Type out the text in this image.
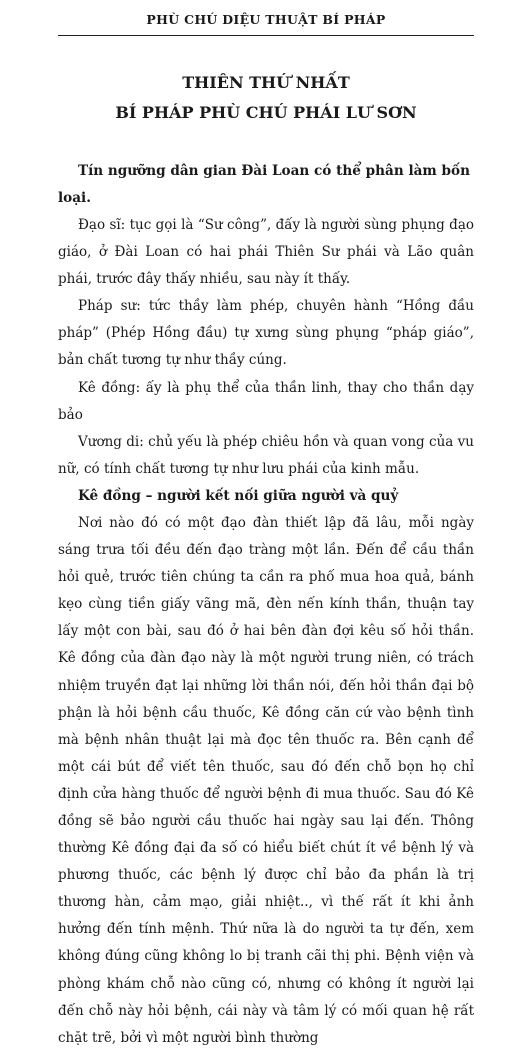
PHÙ CHÚ DIỆU THUẬT BÍ PHÁP
THIÊN THỨ NHẤT
BÍ PHÁP PHÙ CHÚ PHÁI LƯ SƠN
Tín ngưỡng dân gian Đài Loan có thể phân làm bốn loại.

Đạo sĩ: tục gọi là “Sư công”, đấy là người sùng phụng đạo giáo, ở Đài Loan có hai phái Thiên Sư phái và Lão quân phái, trước đây thấy nhiều, sau này ít thấy.

Pháp sư: tức thầy làm phép, chuyên hành “Hồng đầu pháp” (Phép Hồng đầu) tự xưng sùng phụng “pháp giáo”, bản chất tương tự như thầy cúng.

Kê đồng: ấy là phụ thể của thần linh, thay cho thần dạy bảo

Vương di: chủ yếu là phép chiêu hồn và quan vong của vu nữ, có tính chất tương tự như lưu phái của kinh mẫu.

Kê đồng – người kết nối giữa người và quỷ

Nơi nào đó có một đạo đàn thiết lập đã lâu, mỗi ngày sáng trưa tối đều đến đạo tràng một lần. Đến để cầu thần hỏi quẻ, trước tiên chúng ta cần ra phố mua hoa quả, bánh kẹo cùng tiền giấy vãng mã, đèn nến kính thần, thuận tay lấy một con bài, sau đó ở hai bên đàn đợi kêu số hỏi thần. Kê đồng của đàn đạo này là một người trung niên, có trách nhiệm truyền đạt lại những lời thần nói, đến hỏi thần đại bộ phận là hỏi bệnh cầu thuốc, Kê đồng căn cứ vào bệnh tình mà bệnh nhân thuật lại mà đọc tên thuốc ra. Bên cạnh để một cái bút để viết tên thuốc, sau đó đến chỗ bọn họ chỉ định cửa hàng thuốc để người bệnh đi mua thuốc. Sau đó Kê đồng sẽ bảo người cầu thuốc hai ngày sau lại đến. Thông thường Kê đồng đại đa số có hiểu biết chút ít về bệnh lý và phương thuốc, các bệnh lý được chỉ bảo đa phần là trị thương hàn, cảm mạo, giải nhiệt.., vì thế rất ít khi ảnh hưởng đến tính mệnh. Thứ nữa là do người ta tự đến, xem không đúng cũng không lo bị tranh cãi thị phi. Bệnh viện và phòng khám chỗ nào cũng có, nhưng có không ít người lại đến chỗ này hỏi bệnh, cái này và tâm lý có mối quan hệ rất chặt trẽ, bởi vì một người bình thường
